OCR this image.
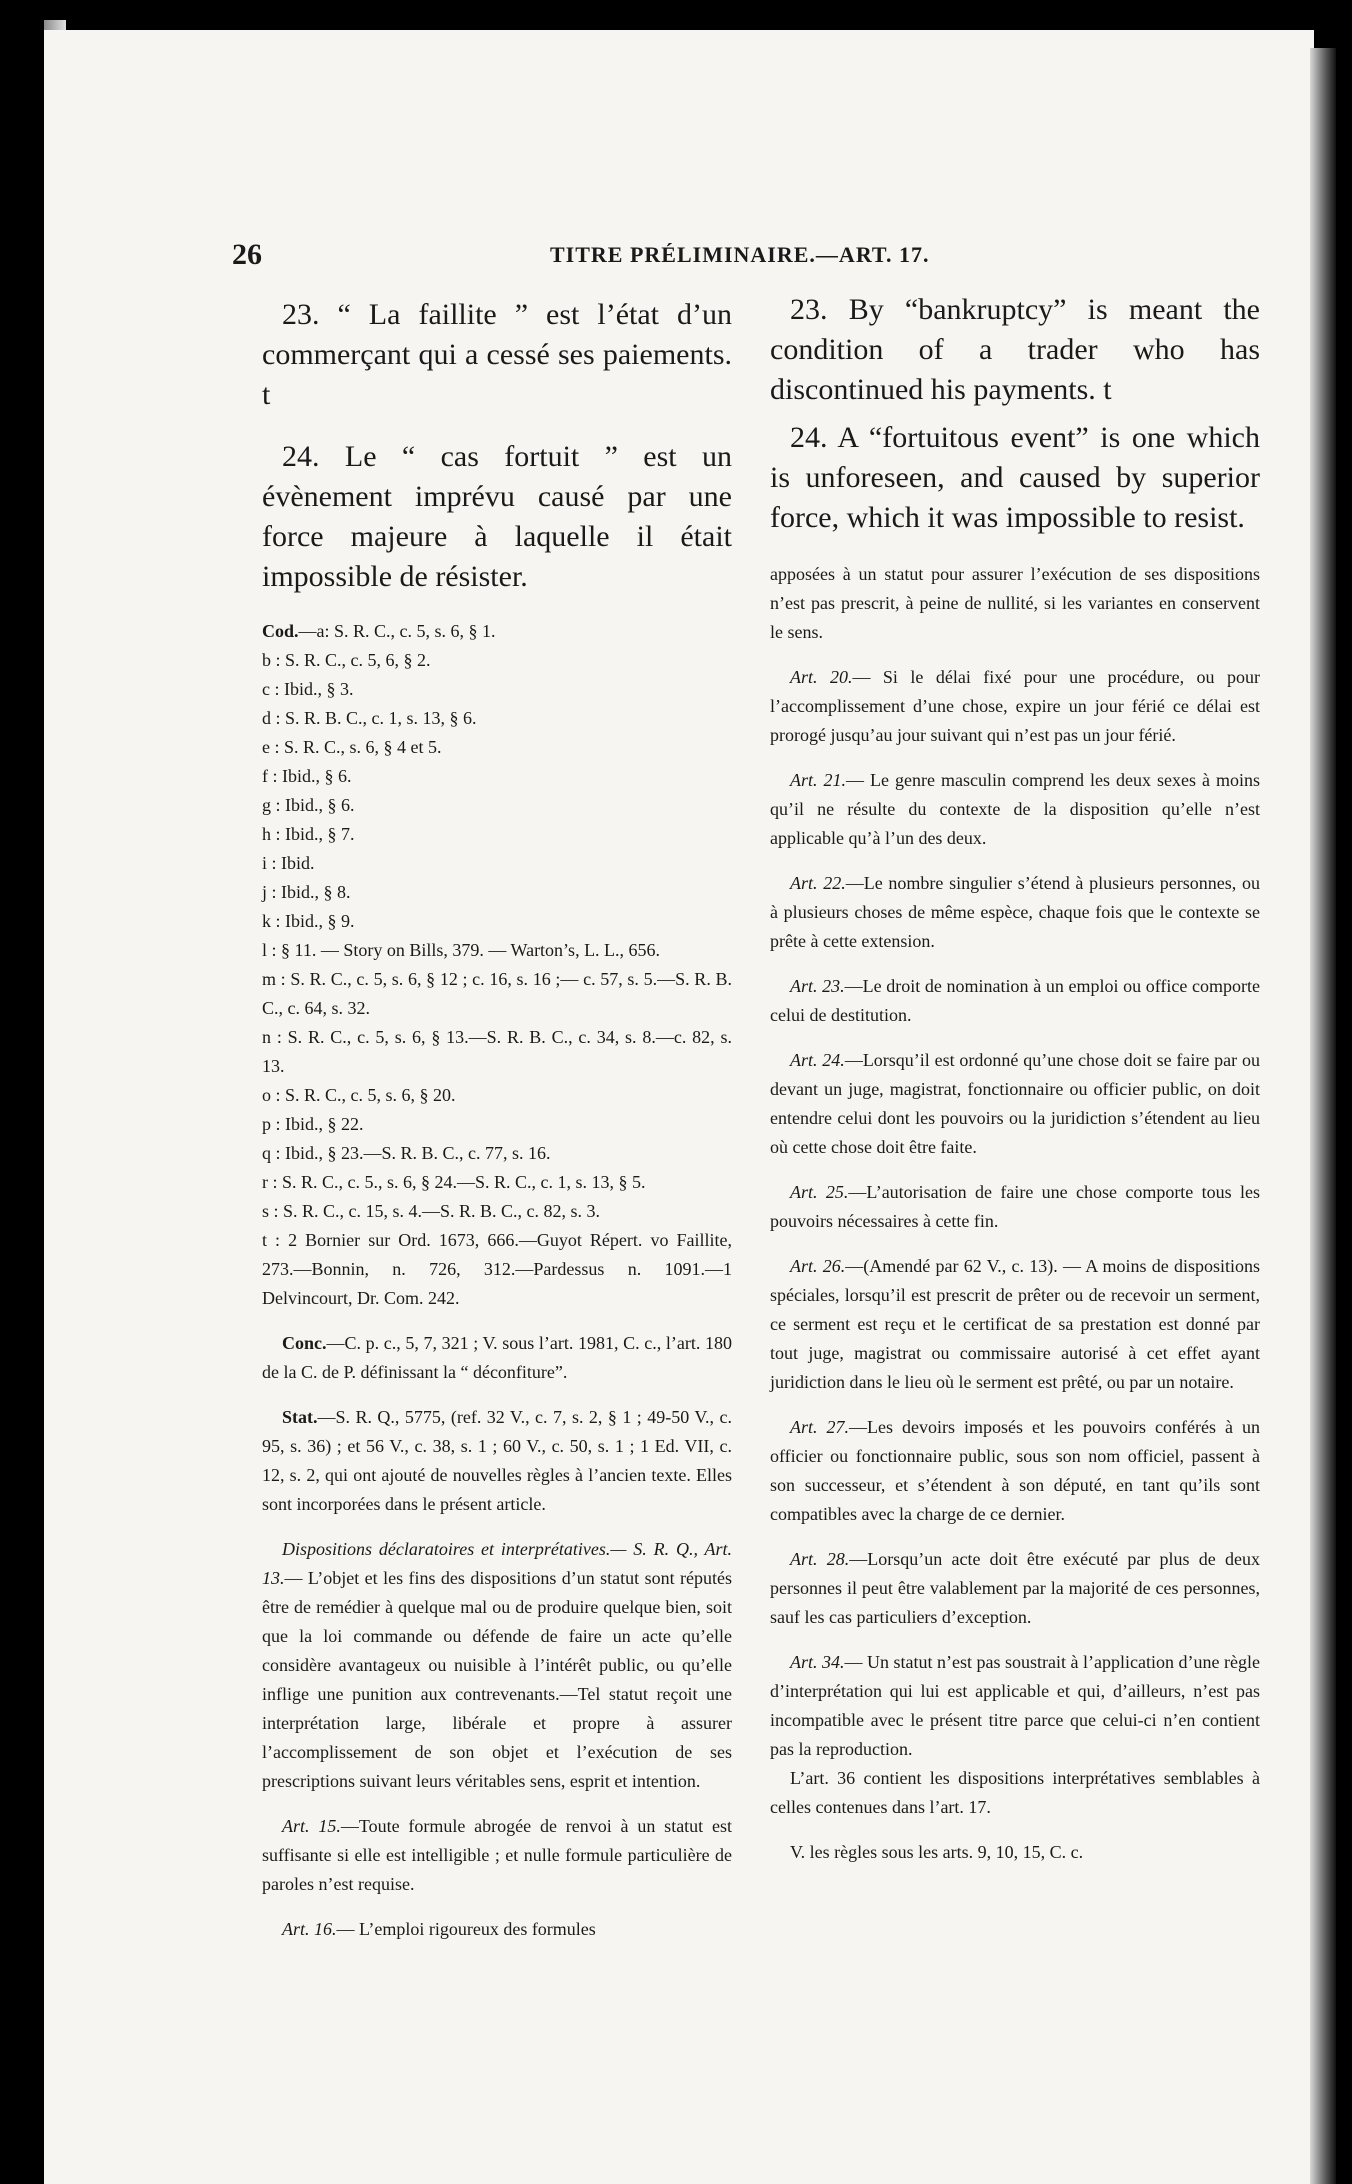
26	TITRE PRÉLIMINAIRE.—ART. 17.

23. “ La faillite ” est l’état d’un commerçant qui a cessé ses paiements. t

24. Le “ cas fortuit ” est un évènement imprévu causé par une force majeure à laquelle il était impossible de résister.

Cod.—a: S. R. C., c. 5, s. 6, § 1.

b : S. R. C., c. 5, 6, § 2.

c : Ibid., § 3.

d : S. R. B. C., c. 1, s. 13, § 6.

e : S. R. C., s. 6, § 4 et 5.

f : Ibid., § 6.

g : Ibid., § 6.

h : Ibid., § 7.

i : Ibid.

j : Ibid., § 8.

k : Ibid., § 9.

l : § 11. — Story on Bills, 379. — Warton’s, L. L., 656.

m : S. R. C., c. 5, s. 6, § 12 ; c. 16, s. 16 ;— c. 57, s. 5.—S. R. B. C., c. 64, s. 32.

n : S. R. C., c. 5, s. 6, § 13.—S. R. B. C., c. 34, s. 8.—c. 82, s. 13.

o : S. R. C., c. 5, s. 6, § 20.

p : Ibid., § 22.

q : Ibid., § 23.—S. R. B. C., c. 77, s. 16.

r : S. R. C., c. 5., s. 6, § 24.—S. R. C., c. 1, s. 13, § 5.

s : S. R. C., c. 15, s. 4.—S. R. B. C., c. 82, s. 3.

t : 2 Bornier sur Ord. 1673, 666.—Guyot Répert. vo Faillite, 273.—Bonnin, n. 726, 312.—Pardessus n. 1091.—1 Delvincourt, Dr. Com. 242.

Conc.—C. p. c., 5, 7, 321 ; V. sous l’art. 1981, C. c., l’art. 180 de la C. de P. définissant la “ déconfiture”.

Stat.—S. R. Q., 5775, (ref. 32 V., c. 7, s. 2, § 1 ; 49-50 V., c. 95, s. 36) ; et 56 V., c. 38, s. 1 ; 60 V., c. 50, s. 1 ; 1 Ed. VII, c. 12, s. 2, qui ont ajouté de nouvelles règles à l’ancien texte. Elles sont incorporées dans le présent article.

Dispositions déclaratoires et interprétatives.— S. R. Q., Art. 13.— L’objet et les fins des dispositions d’un statut sont réputés être de remédier à quelque mal ou de produire quelque bien, soit que la loi commande ou défende de faire un acte qu’elle considère avantageux ou nuisible à l’intérêt public, ou qu’elle inflige une punition aux contrevenants.—Tel statut reçoit une interprétation large, libérale et propre à assurer l’accomplissement de son objet et l’exécution de ses prescriptions suivant leurs véritables sens, esprit et intention.

Art. 15.—Toute formule abrogée de renvoi à un statut est suffisante si elle est intelligible ; et nulle formule particulière de paroles n’est requise.

Art. 16.— L’emploi rigoureux des formules

23. By “bankruptcy” is meant the condition of a trader who has discontinued his payments. t

24. A “fortuitous event” is one which is unforeseen, and caused by superior force, which it was impossible to resist.

apposées à un statut pour assurer l’exécution de ses dispositions n’est pas prescrit, à peine de nullité, si les variantes en conservent le sens.

Art. 20.— Si le délai fixé pour une procédure, ou pour l’accomplissement d’une chose, expire un jour férié ce délai est prorogé jusqu’au jour suivant qui n’est pas un jour férié.

Art. 21.— Le genre masculin comprend les deux sexes à moins qu’il ne résulte du contexte de la disposition qu’elle n’est applicable qu’à l’un des deux.

Art. 22.—Le nombre singulier s’étend à plusieurs personnes, ou à plusieurs choses de même espèce, chaque fois que le contexte se prête à cette extension.

Art. 23.—Le droit de nomination à un emploi ou office comporte celui de destitution.

Art. 24.—Lorsqu’il est ordonné qu’une chose doit se faire par ou devant un juge, magistrat, fonctionnaire ou officier public, on doit entendre celui dont les pouvoirs ou la juridiction s’étendent au lieu où cette chose doit être faite.

Art. 25.—L’autorisation de faire une chose comporte tous les pouvoirs nécessaires à cette fin.

Art. 26.—(Amendé par 62 V., c. 13). — A moins de dispositions spéciales, lorsqu’il est prescrit de prêter ou de recevoir un serment, ce serment est reçu et le certificat de sa prestation est donné par tout juge, magistrat ou commissaire autorisé à cet effet ayant juridiction dans le lieu où le serment est prêté, ou par un notaire.

Art. 27.—Les devoirs imposés et les pouvoirs conférés à un officier ou fonctionnaire public, sous son nom officiel, passent à son successeur, et s’étendent à son député, en tant qu’ils sont compatibles avec la charge de ce dernier.

Art. 28.—Lorsqu’un acte doit être exécuté par plus de deux personnes il peut être valablement par la majorité de ces personnes, sauf les cas particuliers d’exception.

Art. 34.— Un statut n’est pas soustrait à l’application d’une règle d’interprétation qui lui est applicable et qui, d’ailleurs, n’est pas incompatible avec le présent titre parce que celui-ci n’en contient pas la reproduction.

L’art. 36 contient les dispositions interprétatives semblables à celles contenues dans l’art. 17.

V. les règles sous les arts. 9, 10, 15, C. c.
